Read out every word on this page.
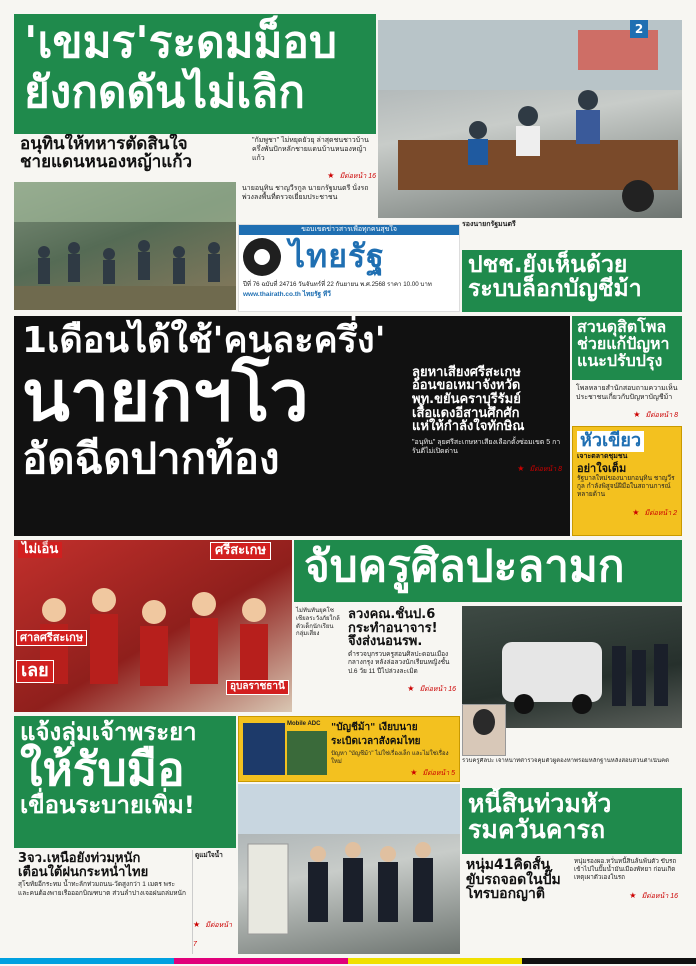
'เขมร'ระดมม็อบ
ยังกดดันไม่เลิก
อนุทินให้ทหารตัดสินใจ
ชายแดนหนองหญ้าแก้ว
"กัมพูชา" ไม่หยุดยั่วยุ ล่าสุดชนชาวบ้านครึ่งพันปักหลักชายแดนบ้านหนองหญ้าแก้ว
★ มีต่อหน้า 16
นายอนุทิน ชาญวีรกูล นายกรัฐมนตรี นั่งรถพ่วงลงพื้นที่ตรวจเยี่ยมประชาชน
ขอบเขตข่าวสารเพื่อทุกคนสุขใจ
ไทยรัฐ
ปีที่ 76 ฉบับที่ 24716 วันจันทร์ที่ 22 กันยายน พ.ศ.2568 ราคา 10.00 บาท
www.thairath.co.th ไทยรัฐ ทีวี
2
รองนายกรัฐมนตรี
ปชช.ยังเห็นด้วย
ระบบล็อกบัญชีม้า
1เดือนได้ใช้'คนละครึ่ง'
นายกฯโว
อัดฉีดปากท้อง
ลุยหาเสียงศรีสะเกษ
อ้อนขอเหมาจังหวัด
พท.ขยันคราบุรีรัมย์
เสื้อแดงอีสานศึกศัก
แห่ให้กำลังใจทักษิณ
"อนุทิน" ลุยศรีสะเกษหาเสียงเลือกตั้งซ่อมเขต 5 การันตีไม่เปิดด่าน
★ มีต่อหน้า 8
สวนดุสิตโพล
ช่วยแก้ปัญหา
แนะปรับปรุง
โพลหลายสำนักสอบถามความเห็นประชาชนเกี่ยวกับปัญหาบัญชีม้า
★ มีต่อหน้า 8
หัวเขียว
เจาะตลาดชุมชน
อย่าใจเต็ม
รัฐบาลใหม่ของนายกอนุทิน ชาญวีรกูล กำลังพิสูจน์ฝีมือในสถานการณ์หลายด้าน
★ มีต่อหน้า 2
ศรีสะเกษ
ไม่เอ็น
ศาลศรีสะเกษ
เลย
อุบลราชธานี
จับครูศิลปะลามก
ไม่ทันทันยุคโซเชียลระวังภัยใกล้ตัวเด็กนักเรียนกลุ่มเสี่ยง
ลวงคณ.ชั้นป.6
กระทำอนาจาร!
จึงส่งนอนรพ.
ตำรวจบุกรวบครูสอนศิลปะดอนเมืองกลางกรุง หลังล่อลวงนักเรียนหญิงชั้น ป.6 วัย 11 ปีไปล่วงละเมิด
★ มีต่อหน้า 16
รวบครูศิลปะ เจ้าหน้าที่ตำรวจคุมตัวผู้ต้องหาพร้อมหลักฐานหลังสอบสวนดำเนินคดี
แจ้งลุ่มเจ้าพระยา
ให้รับมือ
เขื่อนระบายเพิ่ม!
3จว.เหนือยังท่วมหนัก
เตือนใต้ฝนกระหน่ำไทย
สุโขทัยอีกระทม น้ำทะลักท่วมถนน-วัดสูงกว่า 1 เมตร พระและคนต้องพายเรือออกบิณฑบาต ส่วนลำปางเจอฝนถล่มหนัก
ดูแม่ใจน้ำ
★ มีต่อหน้า 7
Mobile ADC "บัญชีม้า" เงียบนาย
ระเบิดเวลาสังคมไทย
ปัญหา "บัญชีม้า" ไม่ใช่เรื่องเล็ก และไม่ใช่เรื่องใหม่
★ มีต่อหน้า 5
หนี้สินท่วมหัว
รมควันคารถ
หนุ่ม41คิดสั้น
ขับรถจอดในปั๊ม
โทรบอกญาติ
หนุ่มรองผอ.หวั่นหนี้สินล้นพ้นตัว ขับรถเข้าไปในปั๊มน้ำมันเมืองพัทยา ก่อนเกิดเหตุเผาตัวเองในรถ
★ มีต่อหน้า 16
